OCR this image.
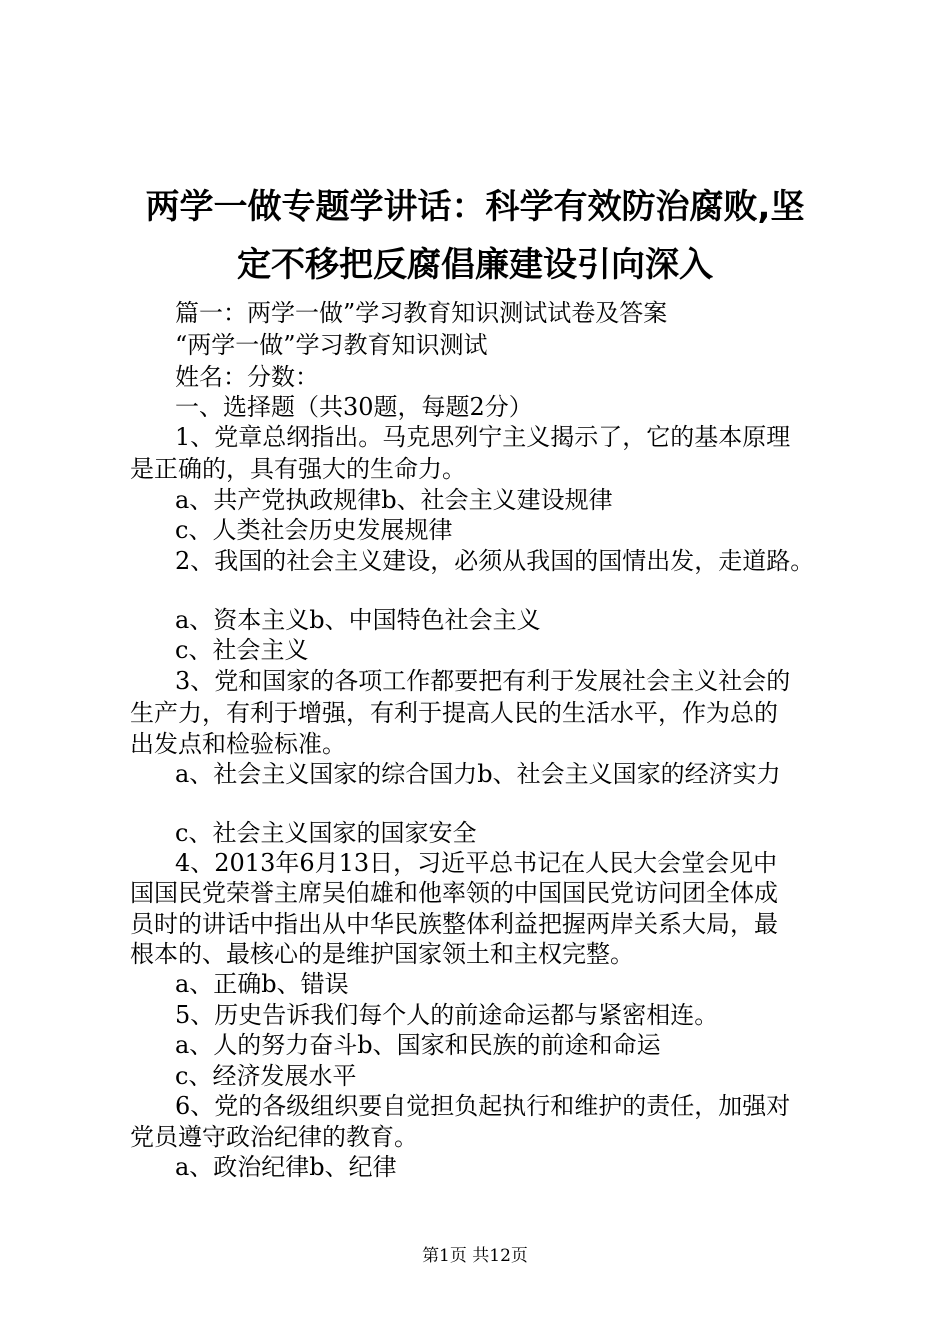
两学一做专题学讲话：科学有效防治腐败,坚
定不移把反腐倡廉建设引向深入
篇一：两学一做”学习教育知识测试试卷及答案
“两学一做”学习教育知识测试
姓名：分数：
一、选择题（共30题，每题2分）
1、党章总纲指出。马克思列宁主义揭示了，它的基本原理
是正确的，具有强大的生命力。
a、共产党执政规律b、社会主义建设规律
c、人类社会历史发展规律
2、我国的社会主义建设，必须从我国的国情出发，走道路。
a、资本主义b、中国特色社会主义
c、社会主义
3、党和国家的各项工作都要把有利于发展社会主义社会的
生产力，有利于增强，有利于提高人民的生活水平，作为总的
出发点和检验标准。
a、社会主义国家的综合国力b、社会主义国家的经济实力
c、社会主义国家的国家安全
4、2013年6月13日，习近平总书记在人民大会堂会见中
国国民党荣誉主席吴伯雄和他率领的中国国民党访问团全体成
员时的讲话中指出从中华民族整体利益把握两岸关系大局，最
根本的、最核心的是维护国家领土和主权完整。
a、正确b、错误
5、历史告诉我们每个人的前途命运都与紧密相连。
a、人的努力奋斗b、国家和民族的前途和命运
c、经济发展水平
6、党的各级组织要自觉担负起执行和维护的责任，加强对
党员遵守政治纪律的教育。
a、政治纪律b、纪律
第1页 共12页
